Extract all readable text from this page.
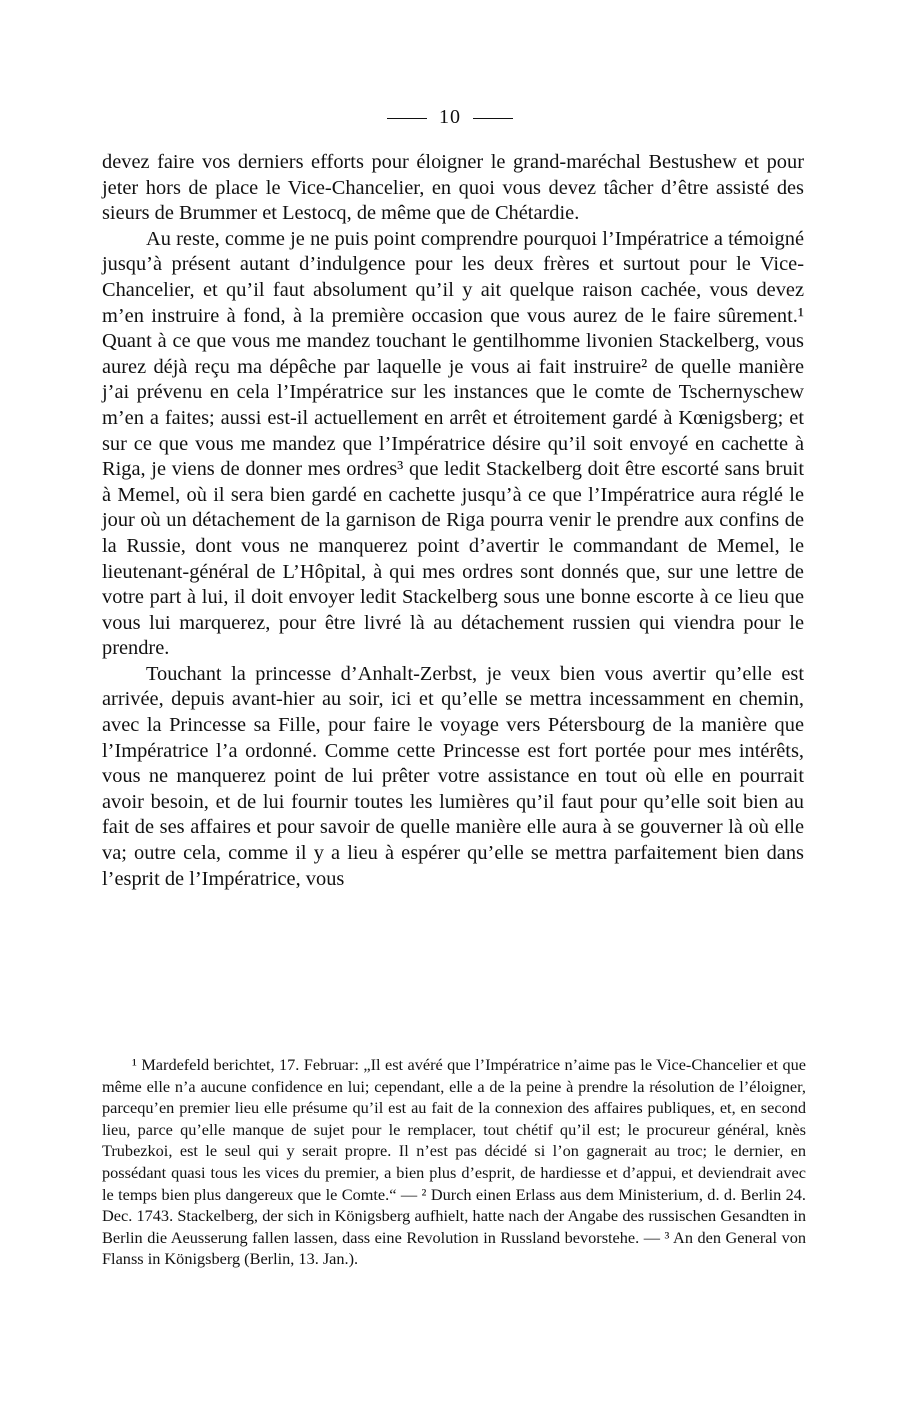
10

devez faire vos derniers efforts pour éloigner le grand-maréchal Bestushew et pour jeter hors de place le Vice-Chancelier, en quoi vous devez tâcher d’être assisté des sieurs de Brummer et Lestocq, de même que de Chétardie.

Au reste, comme je ne puis point comprendre pourquoi l’Impératrice a témoigné jusqu’à présent autant d’indulgence pour les deux frères et surtout pour le Vice-Chancelier, et qu’il faut absolument qu’il y ait quelque raison cachée, vous devez m’en instruire à fond, à la première occasion que vous aurez de le faire sûrement.¹ Quant à ce que vous me mandez touchant le gentilhomme livonien Stackelberg, vous aurez déjà reçu ma dépêche par laquelle je vous ai fait instruire² de quelle manière j’ai prévenu en cela l’Impératrice sur les instances que le comte de Tschernyschew m’en a faites; aussi est-il actuellement en arrêt et étroitement gardé à Kœnigsberg; et sur ce que vous me mandez que l’Impératrice désire qu’il soit envoyé en cachette à Riga, je viens de donner mes ordres³ que ledit Stackelberg doit être escorté sans bruit à Memel, où il sera bien gardé en cachette jusqu’à ce que l’Impératrice aura réglé le jour où un détachement de la garnison de Riga pourra venir le prendre aux confins de la Russie, dont vous ne manquerez point d’avertir le commandant de Memel, le lieutenant-général de L’Hôpital, à qui mes ordres sont donnés que, sur une lettre de votre part à lui, il doit envoyer ledit Stackelberg sous une bonne escorte à ce lieu que vous lui marquerez, pour être livré là au détachement russien qui viendra pour le prendre.

Touchant la princesse d’Anhalt-Zerbst, je veux bien vous avertir qu’elle est arrivée, depuis avant-hier au soir, ici et qu’elle se mettra incessamment en chemin, avec la Princesse sa Fille, pour faire le voyage vers Pétersbourg de la manière que l’Impératrice l’a ordonné. Comme cette Princesse est fort portée pour mes intérêts, vous ne manquerez point de lui prêter votre assistance en tout où elle en pourrait avoir besoin, et de lui fournir toutes les lumières qu’il faut pour qu’elle soit bien au fait de ses affaires et pour savoir de quelle manière elle aura à se gouverner là où elle va; outre cela, comme il y a lieu à espérer qu’elle se mettra parfaitement bien dans l’esprit de l’Impératrice, vous

¹ Mardefeld berichtet, 17. Februar: „Il est avéré que l’Impératrice n’aime pas le Vice-Chancelier et que même elle n’a aucune confidence en lui; cependant, elle a de la peine à prendre la résolution de l’éloigner, parcequ’en premier lieu elle présume qu’il est au fait de la connexion des affaires publiques, et, en second lieu, parce qu’elle manque de sujet pour le remplacer, tout chétif qu’il est; le procureur général, knès Trubezkoi, est le seul qui y serait propre. Il n’est pas décidé si l’on gagnerait au troc; le dernier, en possédant quasi tous les vices du premier, a bien plus d’esprit, de hardiesse et d’appui, et deviendrait avec le temps bien plus dangereux que le Comte.“ — ² Durch einen Erlass aus dem Ministerium, d. d. Berlin 24. Dec. 1743. Stackelberg, der sich in Königsberg aufhielt, hatte nach der Angabe des russischen Gesandten in Berlin die Aeusserung fallen lassen, dass eine Revolution in Russland bevorstehe. — ³ An den General von Flanss in Königsberg (Berlin, 13. Jan.).
